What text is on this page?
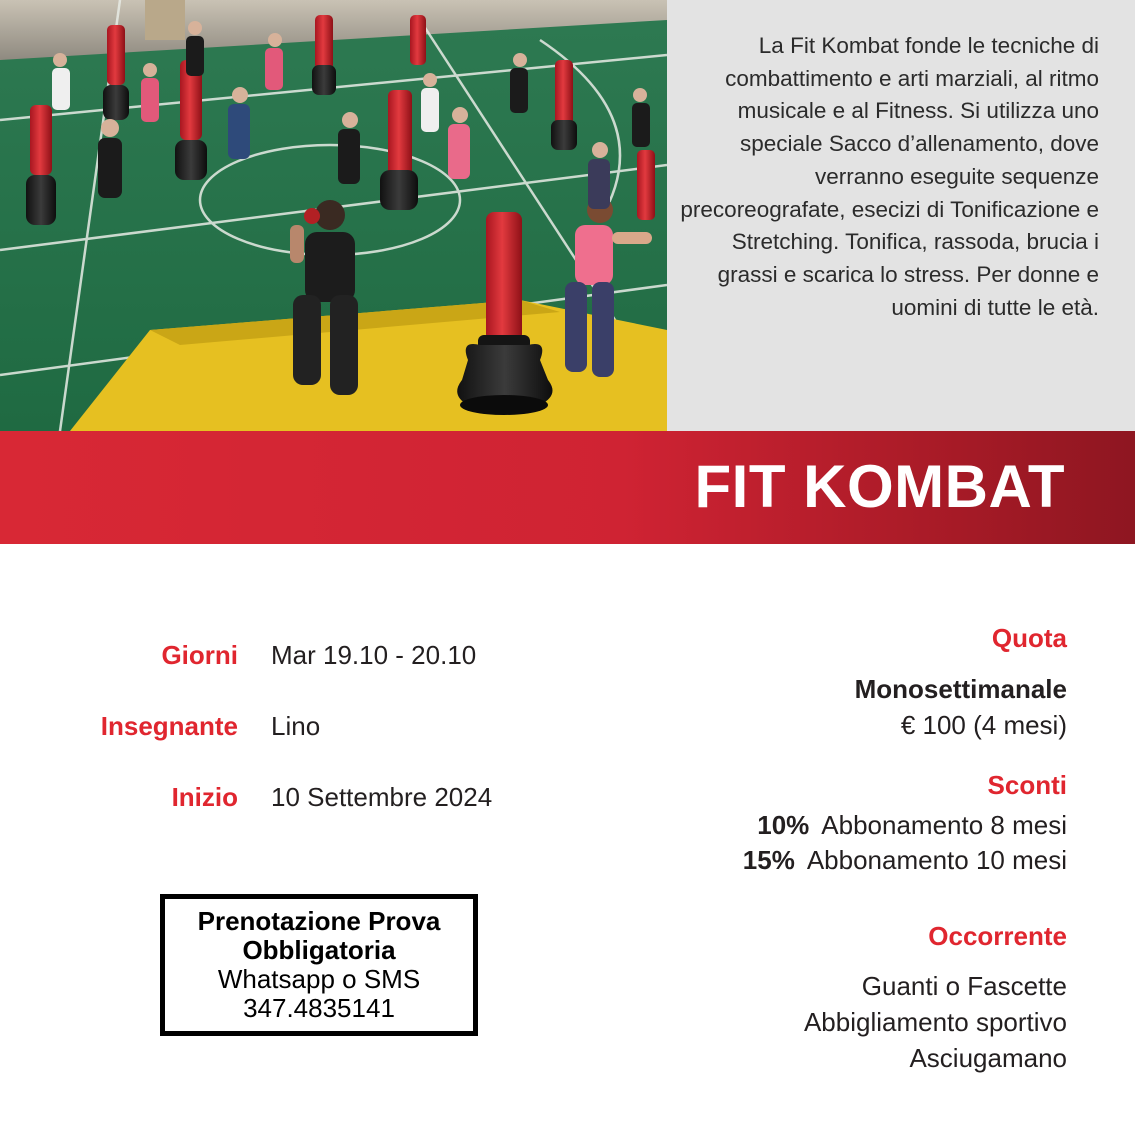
La Fit Kombat fonde le tecniche di combattimento e arti marziali, al ritmo musicale e al Fitness. Si utilizza uno speciale Sacco d’allenamento, dove verranno eseguite sequenze precoreografate, esecizi di Tonificazione e Stretching. Tonifica, rassoda, brucia i grassi e scarica lo stress. Per donne e uomini di tutte le età.

FIT KOMBAT

Giorni Mar 19.10 - 20.10

Insegnante Lino

Inizio 10 Settembre 2024

Prenotazione Prova

Obbligatoria

Whatsapp o SMS

347.4835141

Quota

Monosettimanale

€ 100 (4 mesi)

Sconti

10% Abbonamento 8 mesi

15% Abbonamento 10 mesi

Occorrente

Guanti o Fascette

Abbigliamento sportivo

Asciugamano
